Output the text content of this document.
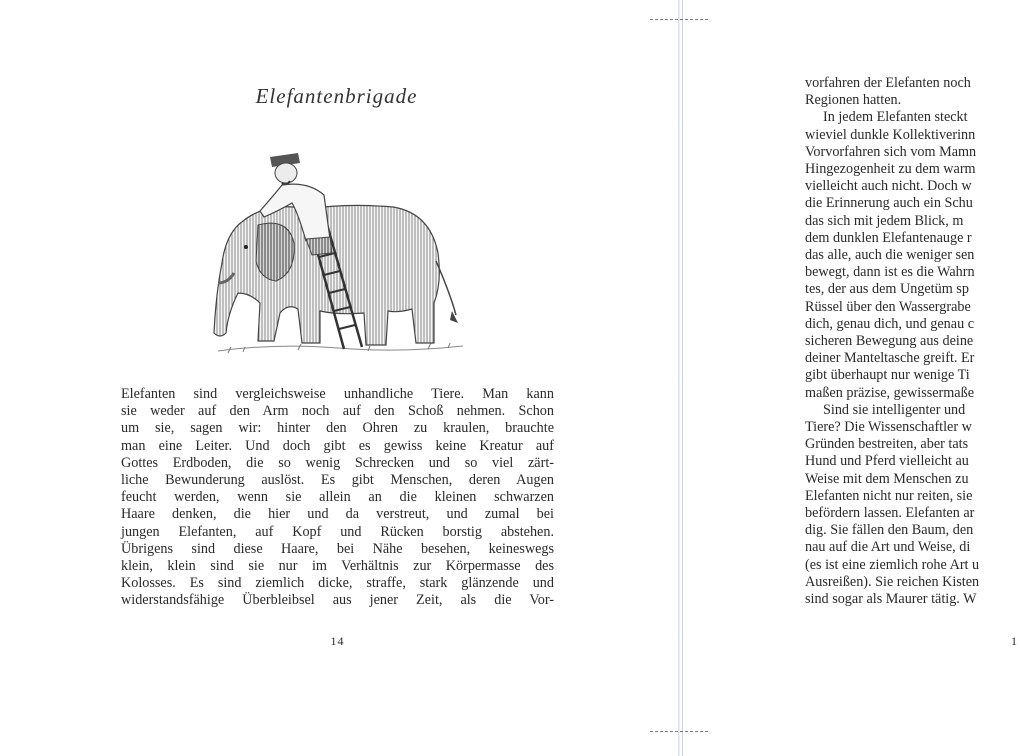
Elefantenbrigade
Elefanten sind vergleichsweise unhandliche Tiere. Man kann
sie weder auf den Arm noch auf den Schoß nehmen. Schon
um sie, sagen wir: hinter den Ohren zu kraulen, brauchte
man eine Leiter. Und doch gibt es gewiss keine Kreatur auf
Gottes Erdboden, die so wenig Schrecken und so viel zärt-
liche Bewunderung auslöst. Es gibt Menschen, deren Augen
feucht werden, wenn sie allein an die kleinen schwarzen
Haare denken, die hier und da verstreut, und zumal bei
jungen Elefanten, auf Kopf und Rücken borstig abstehen.
Übrigens sind diese Haare, bei Nähe besehen, keineswegs
klein, klein sind sie nur im Verhältnis zur Körpermasse des
Kolosses. Es sind ziemlich dicke, straffe, stark glänzende und
widerstandsfähige Überbleibsel aus jener Zeit, als die Vor-
14
vorfahren der Elefanten noch
Regionen hatten.
In jedem Elefanten steckt
wieviel dunkle Kollektiverinn
Vorvorfahren sich vom Mamn
Hingezogenheit zu dem warm
vielleicht auch nicht. Doch w
die Erinnerung auch ein Schu
das sich mit jedem Blick, m
dem dunklen Elefantenauge r
das alle, auch die weniger sen
bewegt, dann ist es die Wahrn
tes, der aus dem Ungetüm sp
Rüssel über den Wassergrabe
dich, genau dich, und genau c
sicheren Bewegung aus deine
deiner Manteltasche greift. Er
gibt überhaupt nur wenige Ti
maßen präzise, gewissermaße
Sind sie intelligenter und
Tiere? Die Wissenschaftler w
Gründen bestreiten, aber tats
Hund und Pferd vielleicht au
Weise mit dem Menschen zu
Elefanten nicht nur reiten, sie
befördern lassen. Elefanten ar
dig. Sie fällen den Baum, den
nau auf die Art und Weise, di
(es ist eine ziemlich rohe Art u
Ausreißen). Sie reichen Kisten
sind sogar als Maurer tätig. W
1
